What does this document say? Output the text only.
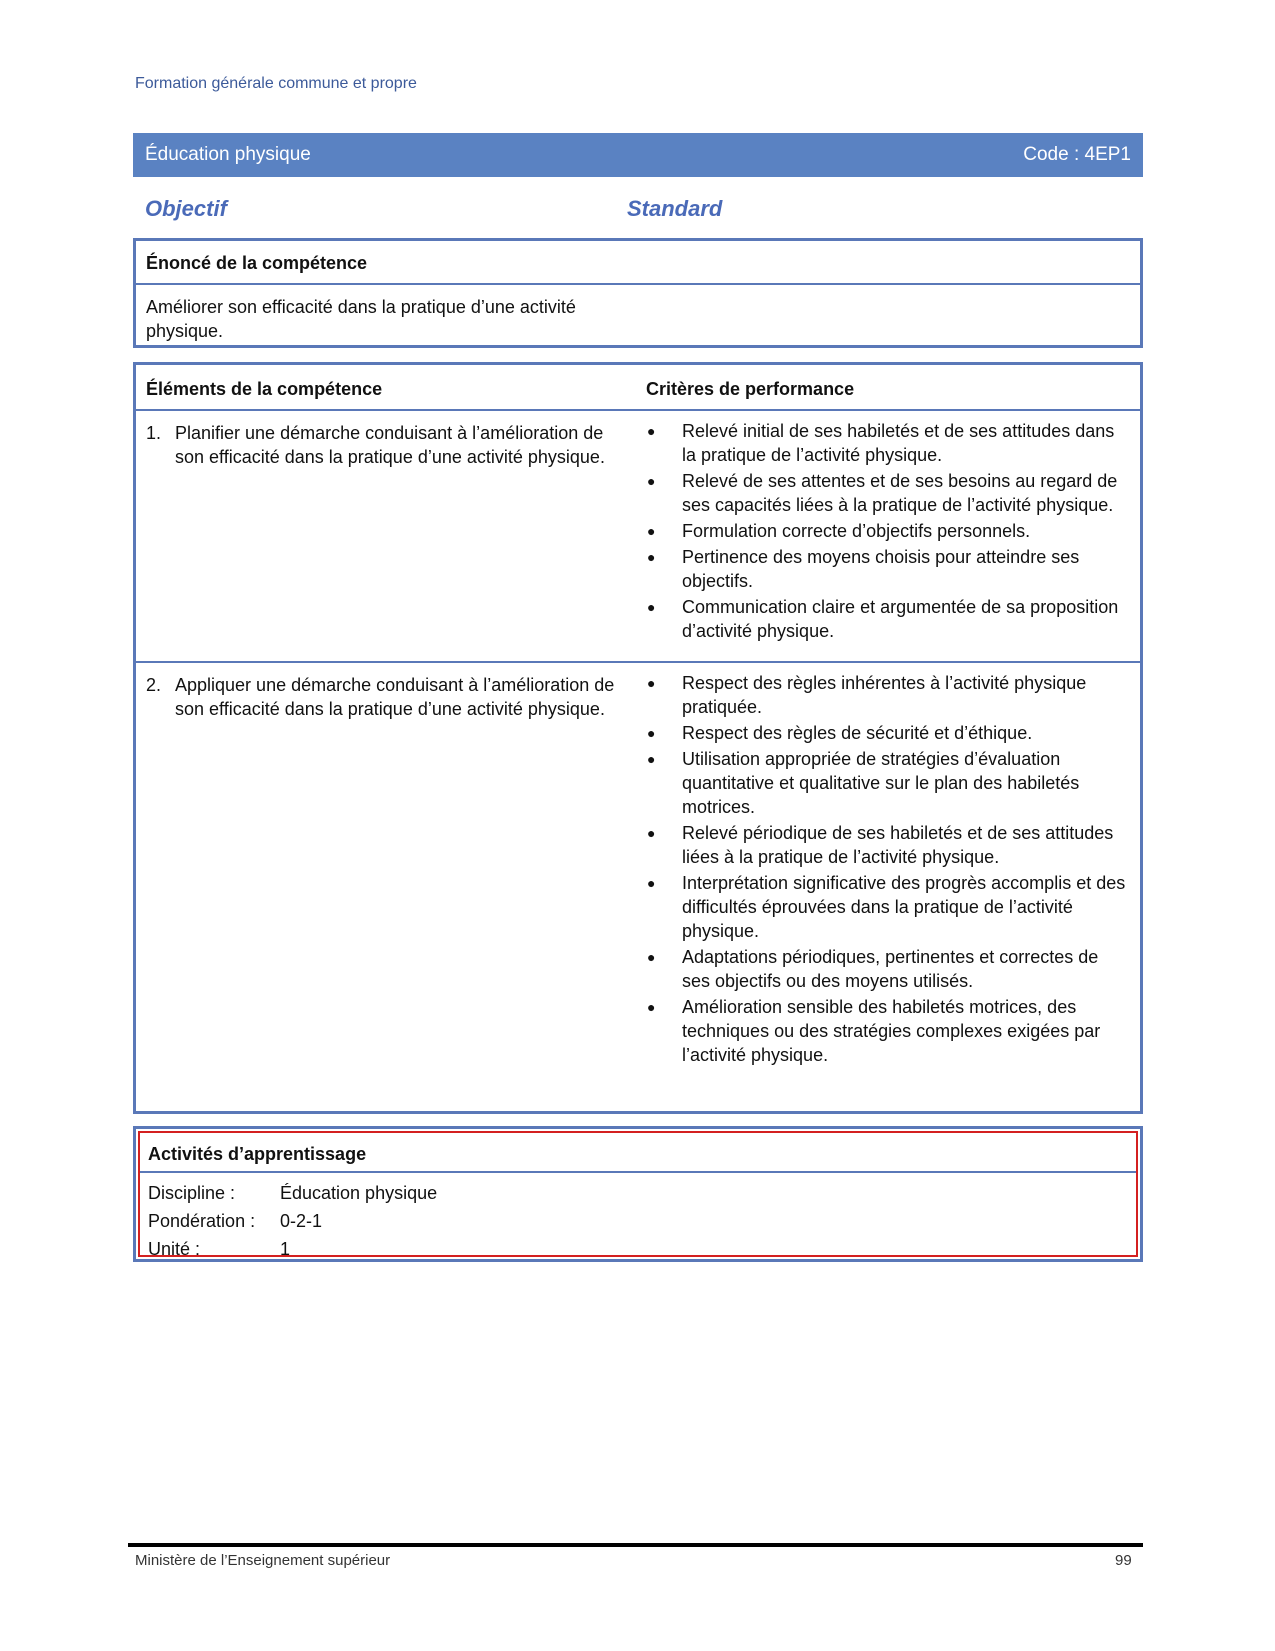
Formation générale commune et propre
Éducation physique	Code : 4EP1
Objectif	Standard
Énoncé de la compétence
Améliorer son efficacité dans la pratique d’une activité physique.
Éléments de la compétence	Critères de performance
1. Planifier une démarche conduisant à l’amélioration de son efficacité dans la pratique d’une activité physique.
● Relevé initial de ses habiletés et de ses attitudes dans la pratique de l’activité physique.
● Relevé de ses attentes et de ses besoins au regard de ses capacités liées à la pratique de l’activité physique.
● Formulation correcte d’objectifs personnels.
● Pertinence des moyens choisis pour atteindre ses objectifs.
● Communication claire et argumentée de sa proposition d’activité physique.
2. Appliquer une démarche conduisant à l’amélioration de son efficacité dans la pratique d’une activité physique.
● Respect des règles inhérentes à l’activité physique pratiquée.
● Respect des règles de sécurité et d’éthique.
● Utilisation appropriée de stratégies d’évaluation quantitative et qualitative sur le plan des habiletés motrices.
● Relevé périodique de ses habiletés et de ses attitudes liées à la pratique de l’activité physique.
● Interprétation significative des progrès accomplis et des difficultés éprouvées dans la pratique de l’activité physique.
● Adaptations périodiques, pertinentes et correctes de ses objectifs ou des moyens utilisés.
● Amélioration sensible des habiletés motrices, des techniques ou des stratégies complexes exigées par l’activité physique.
Activités d’apprentissage
Discipline : Éducation physique
Pondération : 0-2-1
Unité :	1
Ministère de l’Enseignement supérieur	99
